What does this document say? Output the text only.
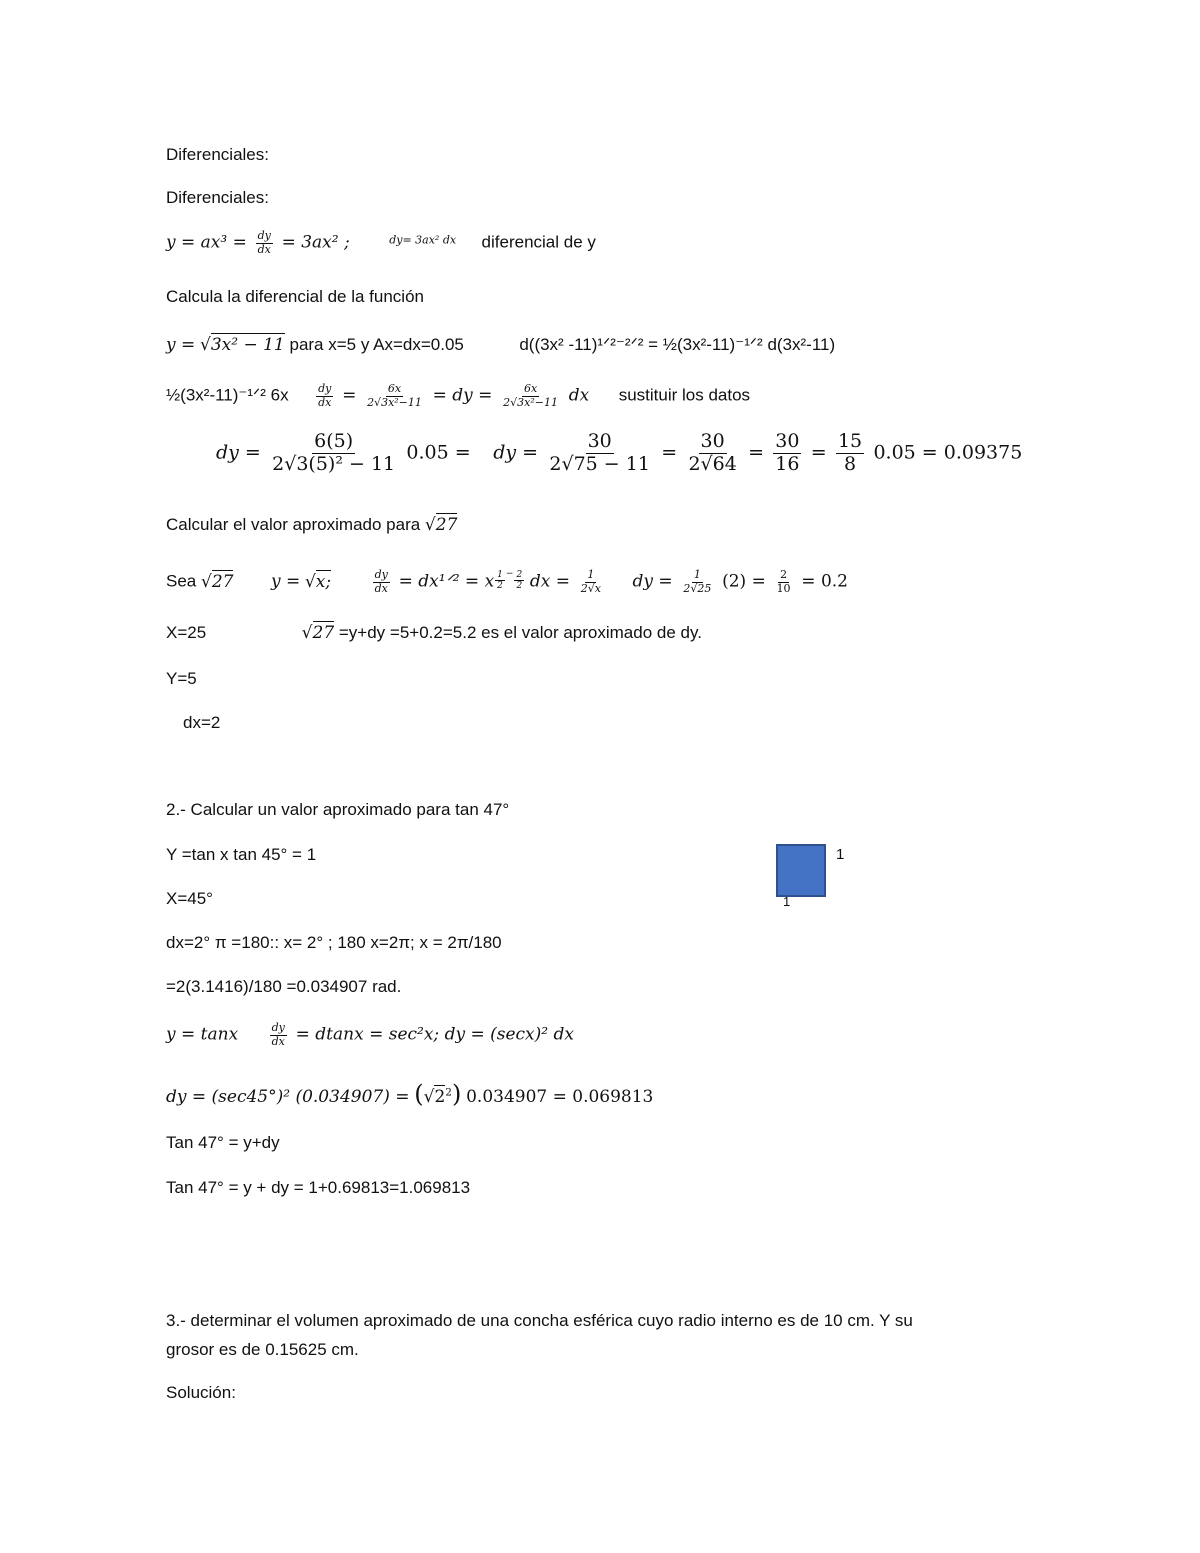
Diferenciales:
Diferenciales:
$y = ax^3 = \frac{dy}{dx} = 3ax^2$ ;	$^{dy= 3ax^2 dx}$ diferencial de y
Calcula la diferencial de la función
y = √ 3x² − 11 para x=5 y Ax=dx=0.05	d((3x² -11)¹ᐟ²⁻²ᐟ² = ½(3x²-11)⁻¹ᐟ² d(3x²-11)
½(3x²-11)⁻¹ᐟ² $6x \frac{dy}{dx} = \frac{6x}{\text{2√3x²−11}}$ = dy = $\frac{6x}{\text{2√3x²−11}}$ dx sustituir los datos
dy = $\frac{6(5)}{\text{2√3(5)² − 11}} 0.05$ = dy = $\frac{30}{2√75 - 11} = \frac{30}{2√64} = \frac{30}{16} = \frac{15}{8} 0.05 = 0.09375$
Calcular el valor aproximado para √ 27
Sea √ 27 y = √ x;	$\frac{dy}{dx}$ = dx¹ᐟ² = x $\frac{1}{2} - \frac{2}{2}$ dx = $\frac{1}{2√x}$ dy = $\frac{1}{2√25} (2) = \frac{2}{10} = 0.2$
X=25	√ 27 =y+dy =5+0.2=5.2 es el valor aproximado de dy.
Y=5
dx=2
2.- Calcular un valor aproximado para tan 47°
Y =tan x tan 45° = 1
X=45°
dx=2° π =180:: x= 2° ; 180 x=2π; x = 2π/180
=2(3.1416)/180 =0.034907 rad.
y = tanx	$\frac{dy}{dx} = dtanx = \sec^2x$; dy = (secx)² dx
dy = (sec45°)² (0.034907) = ( √ $2^2$) 0.034907 = 0.069813
Tan 47° = y+dy
Tan 47° = y + dy = 1+0.69813=1.069813
1
1
3.- determinar el volumen aproximado de una concha esférica cuyo radio interno es de 10 cm. Y su
grosor es de 0.15625 cm.
Solución:
